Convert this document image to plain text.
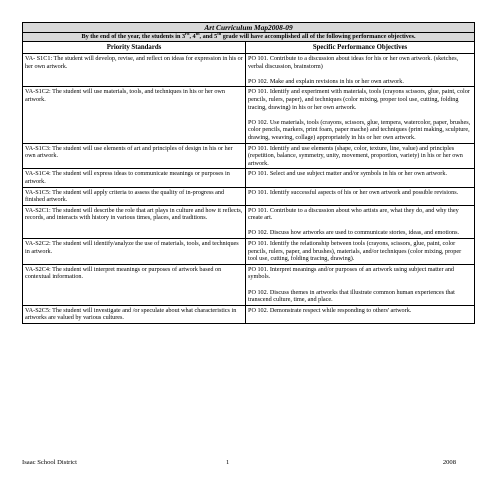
Art Curriculum Map2008-09	
By the end of the year, the students in 3rd, 4th, and 5th grade will have accomplished all of the following performance objectives.	
Priority Standards	Specific Performance Objectives
VA- S1C1: The student will develop, revise, and reflect on ideas for expression in his or her own artwork.	PO 101. Contribute to a discussion about ideas for his or her own artwork. (sketches, verbal discussion, brainstorm)

PO 102. Make and explain revisions in his or her own artwork.

VA-S1C2: The student will use materials, tools, and techniques in his or her own artwork.	PO 101. Identify and experiment with materials, tools (crayons scissors, glue, paint, color pencils, rulers, paper), and techniques (color mixing, proper tool use, cutting, folding tracing, drawing) in his or her own artwork.

PO 102. Use materials, tools (crayons, scissors, glue, tempera, watercolor, paper, brushes, color pencils, markers, print foam, paper mache) and techniques (print making, sculpture, drawing, weaving, collage) appropriately in his or her own artwork.

VA-S1C3: The student will use elements of art and principles of design in his or her own artwork.	PO 101. Identify and use elements (shape, color, texture, line, value) and principles (repetition, balance, symmetry, unity, movement, proportion, variety) in his or her own artwork.

VA-S1C4: The student will express ideas to communicate meanings or purposes in artwork.	PO 101. Select and use subject matter and/or symbols in his or her own artwork.

VA-S1C5: The student will apply criteria to assess the quality of in-progress and finished artwork.	PO 101. Identify successful aspects of his or her own artwork and possible revisions.

VA-S2C1: The student will describe the role that art plays in culture and how it reflects, records, and interacts with history in various times, places, and traditions.	PO 101. Contribute to a discussion about who artists are, what they do, and why they create art.

PO 102. Discuss how artworks are used to communicate stories, ideas, and emotions.

VA-S2C2: The student will identify/analyze the use of materials, tools, and techniques in artwork.	PO 101. Identify the relationship between tools (crayons, scissors, glue, paint, color pencils, rulers, paper, and brushes), materials, and/or techniques (color mixing, proper tool use, cutting, folding tracing, drawing).

VA-S2C4: The student will interpret meanings or purposes of artwork based on contextual information.	PO 101. Interpret meanings and/or purposes of an artwork using subject matter and symbols.

PO 102. Discuss themes in artworks that illustrate common human experiences that transcend culture, time, and place.

VA-S2C5: The student will investigate and /or speculate about what characteristics in artworks are valued by various cultures.	PO 102. Demonstrate respect while responding to others' artwork.

Isaac School District	1	2008
